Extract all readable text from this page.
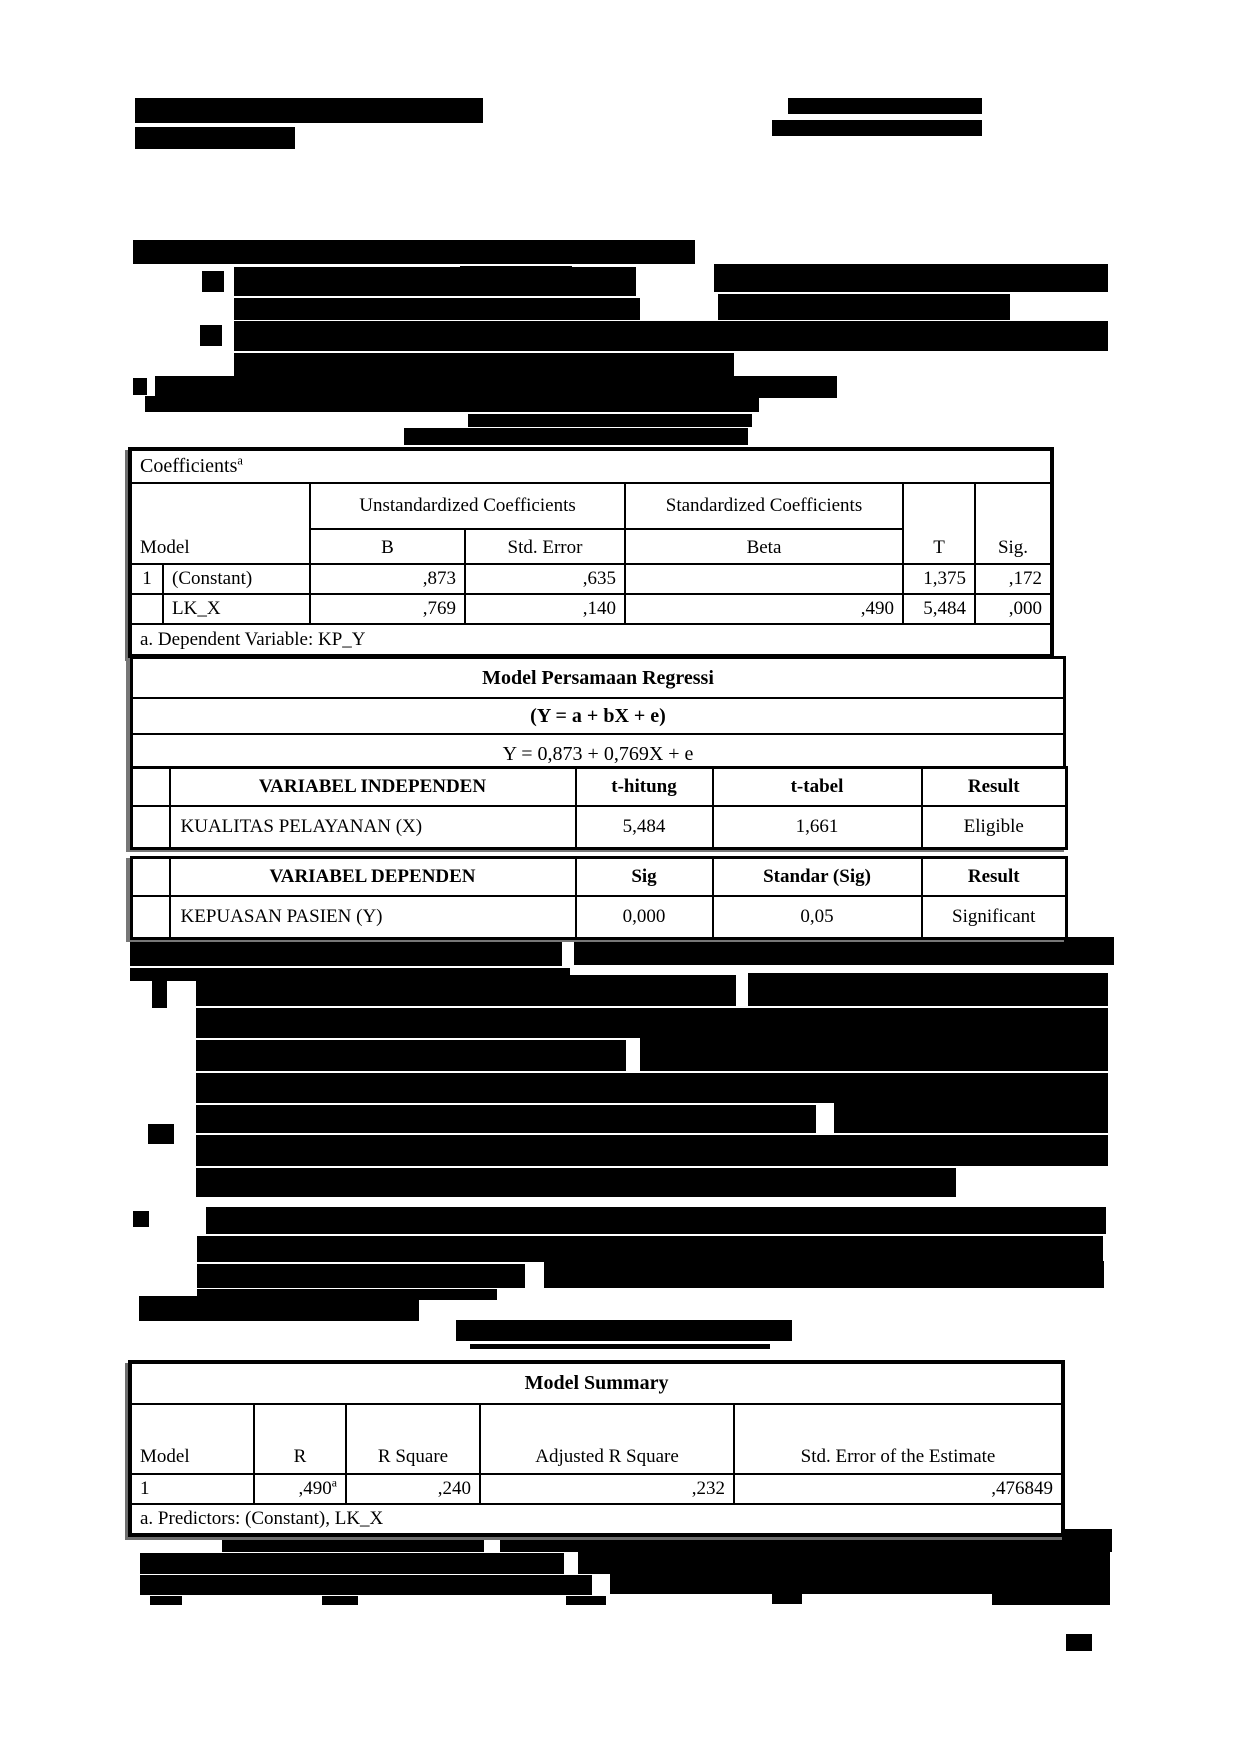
Coefficients$^a$
Model		Unstandardized Coefficients		Standardized Coefficients	T	Sig.
		B	Std. Error	Beta		
1	(Constant)	,873	,635		1,375	,172
	LK_X	,769	,140	,490	5,484	,000
a. Dependent Variable: KP_Y						
Model Persamaan Regressi
(Y = a + bX + e)
Y = 0,873 + 0,769X + e
	VARIABEL INDEPENDEN	t-hitung	t-tabel	Result
	KUALITAS PELAYANAN (X)	5,484	1,661	Eligible
	VARIABEL DEPENDEN	Sig	Standar (Sig)	Result
	KEPUASAN PASIEN (Y)	0,000	0,05	Significant
Model Summary				
Model	R	R Square	Adjusted R Square	Std. Error of the Estimate
1	,490$^a$	,240	,232	,476849
a. Predictors: (Constant), LK_X				
